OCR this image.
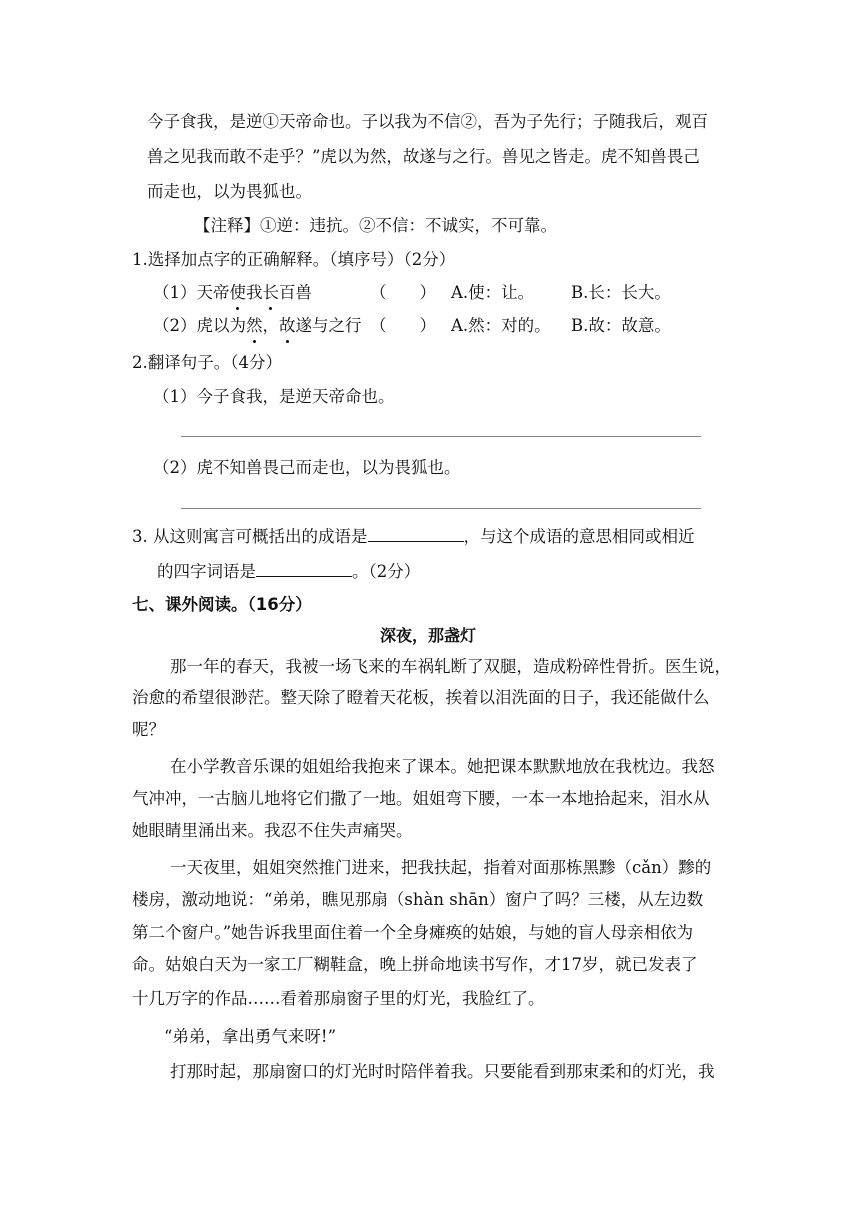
今子食我，是逆①天帝命也。子以我为不信②，吾为子先行；子随我后，观百
兽之见我而敢不走乎？”虎以为然，故遂与之行。兽见之皆走。虎不知兽畏己
而走也，以为畏狐也。
【注释】①逆：违抗。②不信：不诚实，不可靠。
1.选择加点字的正确解释。（填序号）（2分）
（1）天帝使我长百兽	（　　） A.使：让。 B.长：长大。
（2）虎以为然，故遂与之行 （　　） A.然：对的。 B.故：故意。
2.翻译句子。（4分）
（1）今子食我，是逆天帝命也。
（2）虎不知兽畏己而走也，以为畏狐也。
3. 从这则寓言可概括出的成语是	，与这个成语的意思相同或相近
的四字词语是	。（2分）
七、课外阅读。（16分）
深夜，那盏灯
那一年的春天，我被一场飞来的车祸轧断了双腿，造成粉碎性骨折。医生说，
治愈的希望很渺茫。整天除了瞪着天花板，挨着以泪洗面的日子，我还能做什么
呢？
在小学教音乐课的姐姐给我抱来了课本。她把课本默默地放在我枕边。我怒
气冲冲，一古脑儿地将它们撒了一地。姐姐弯下腰，一本一本地拾起来，泪水从
她眼睛里涌出来。我忍不住失声痛哭。
一天夜里，姐姐突然推门进来，把我扶起，指着对面那栋黑黪（cǎn）黪的
楼房，激动地说：“弟弟，瞧见那扇（shàn shān）窗户了吗？三楼，从左边数
第二个窗户。”她告诉我里面住着一个全身瘫痪的姑娘，与她的盲人母亲相依为
命。姑娘白天为一家工厂糊鞋盒，晚上拼命地读书写作，才17岁，就已发表了
十几万字的作品……看着那扇窗子里的灯光，我脸红了。
“弟弟，拿出勇气来呀!”
打那时起，那扇窗口的灯光时时陪伴着我。只要能看到那束柔和的灯光，我
